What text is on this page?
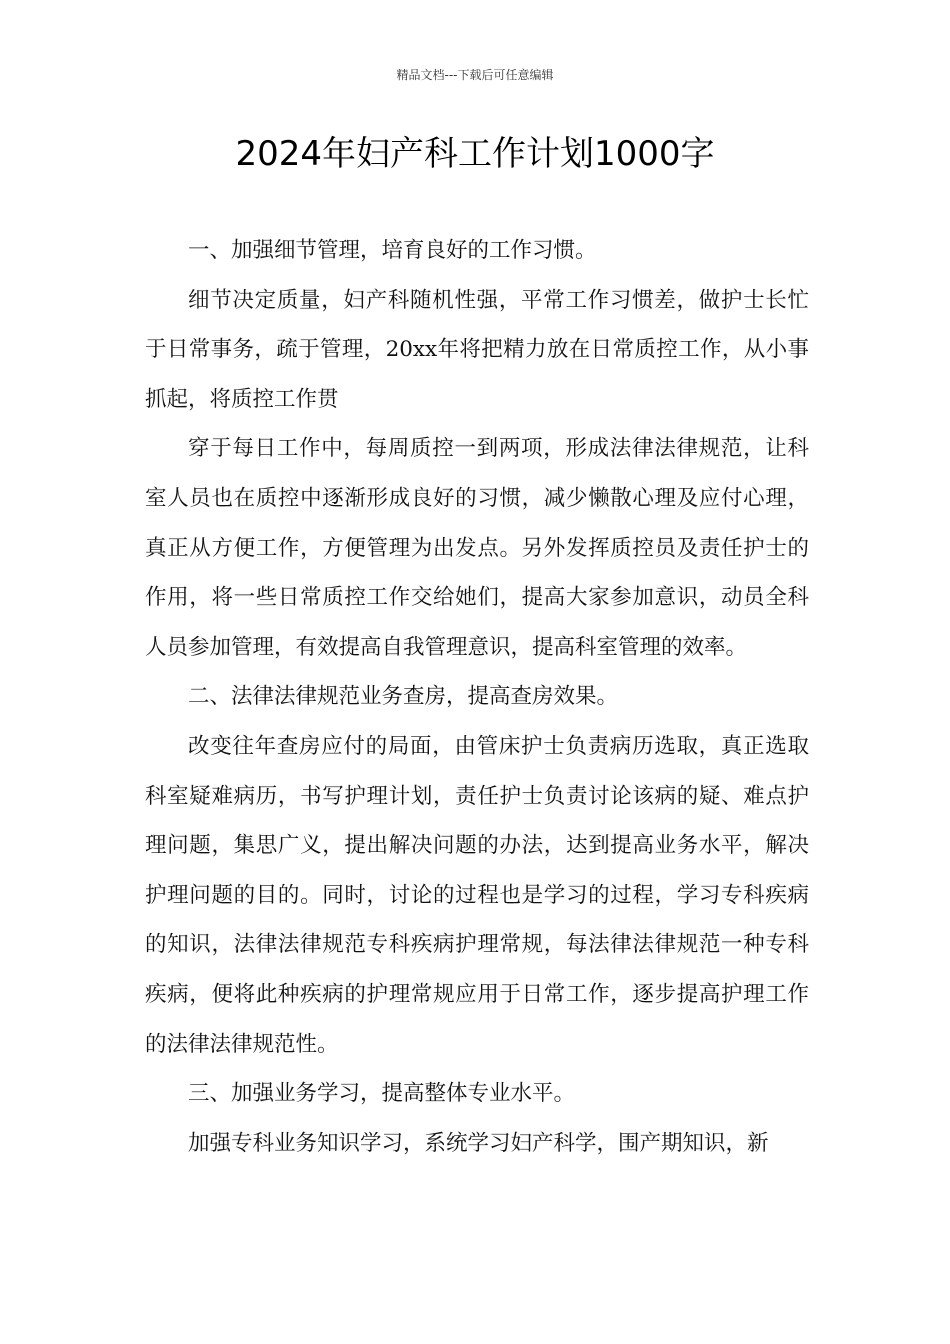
精品文档---下载后可任意编辑
2024年妇产科工作计划1000字

一、加强细节管理，培育良好的工作习惯。

细节决定质量，妇产科随机性强，平常工作习惯差，做护士长忙于日常事务，疏于管理，20xx年将把精力放在日常质控工作，从小事抓起，将质控工作贯

穿于每日工作中，每周质控一到两项，形成法律法律规范，让科室人员也在质控中逐渐形成良好的习惯，减少懒散心理及应付心理，真正从方便工作，方便管理为出发点。另外发挥质控员及责任护士的作用，将一些日常质控工作交给她们，提高大家参加意识，动员全科人员参加管理，有效提高自我管理意识，提高科室管理的效率。

二、法律法律规范业务查房，提高查房效果。

改变往年查房应付的局面，由管床护士负责病历选取，真正选取科室疑难病历，书写护理计划，责任护士负责讨论该病的疑、难点护理问题，集思广义，提出解决问题的办法，达到提高业务水平，解决护理问题的目的。同时，讨论的过程也是学习的过程，学习专科疾病的知识，法律法律规范专科疾病护理常规，每法律法律规范一种专科疾病，便将此种疾病的护理常规应用于日常工作，逐步提高护理工作的法律法律规范性。

三、加强业务学习，提高整体专业水平。

加强专科业务知识学习，系统学习妇产科学，围产期知识，新
